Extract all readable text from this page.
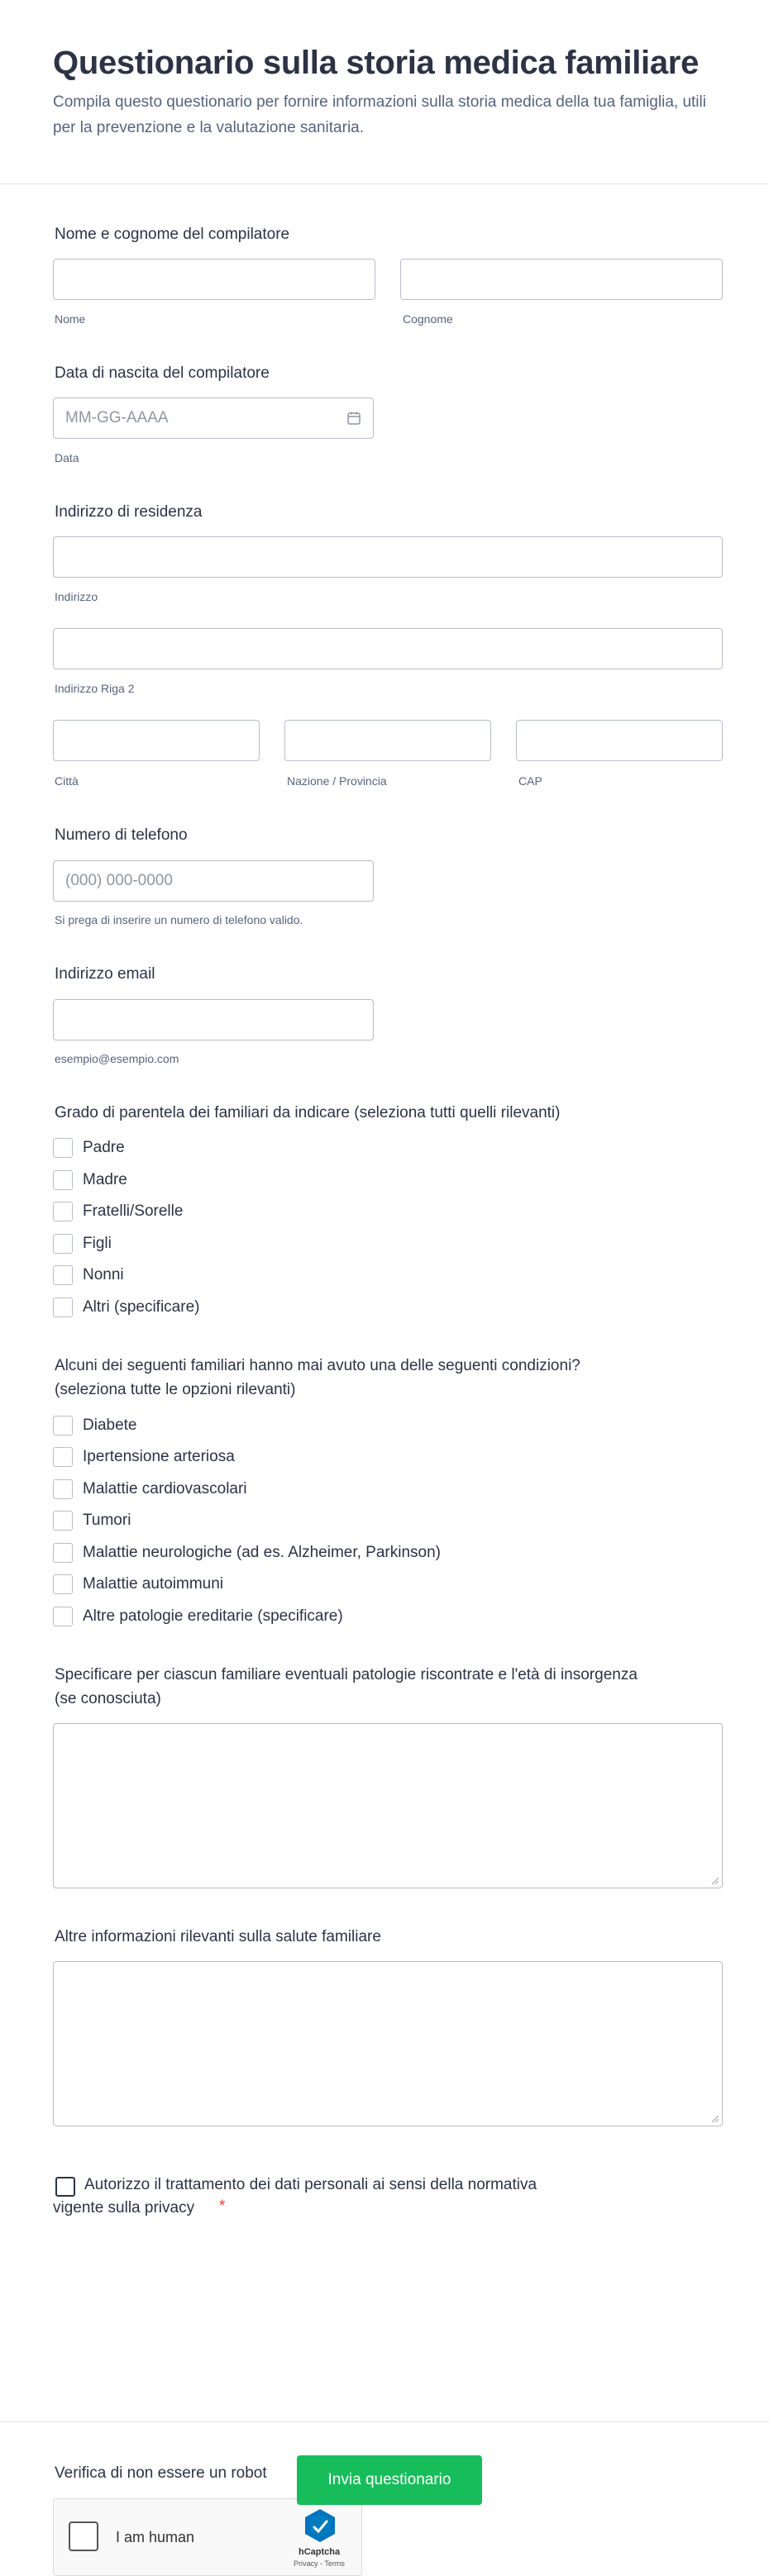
Questionario sulla storia medica familiare

Compila questo questionario per fornire informazioni sulla storia medica della tua famiglia, utili per la prevenzione e la valutazione sanitaria.

Nome e cognome del compilatore
Nome	Cognome
Data di nascita del compilatore
MM-GG-AAAA
Data
Indirizzo di residenza
Indirizzo
Indirizzo Riga 2
Città	Nazione / Provincia	CAP
Numero di telefono
(000) 000-0000
Si prega di inserire un numero di telefono valido.
Indirizzo email
esempio@esempio.com
Grado di parentela dei familiari da indicare (seleziona tutti quelli rilevanti)
Padre
Madre
Fratelli/Sorelle
Figli
Nonni
Altri (specificare)
Alcuni dei seguenti familiari hanno mai avuto una delle seguenti condizioni?
(seleziona tutte le opzioni rilevanti)
Diabete
Ipertensione arteriosa
Malattie cardiovascolari
Tumori
Malattie neurologiche (ad es. Alzheimer, Parkinson)
Malattie autoimmuni
Altre patologie ereditarie (specificare)
Specificare per ciascun familiare eventuali patologie riscontrate e l'età di insorgenza
(se conosciuta)
Altre informazioni rilevanti sulla salute familiare
Autorizzo il trattamento dei dati personali ai sensi della normativa
vigente sulla privacy *
Verifica di non essere un robot
I am human
hCaptcha
Privacy - Terms
Invia questionario
